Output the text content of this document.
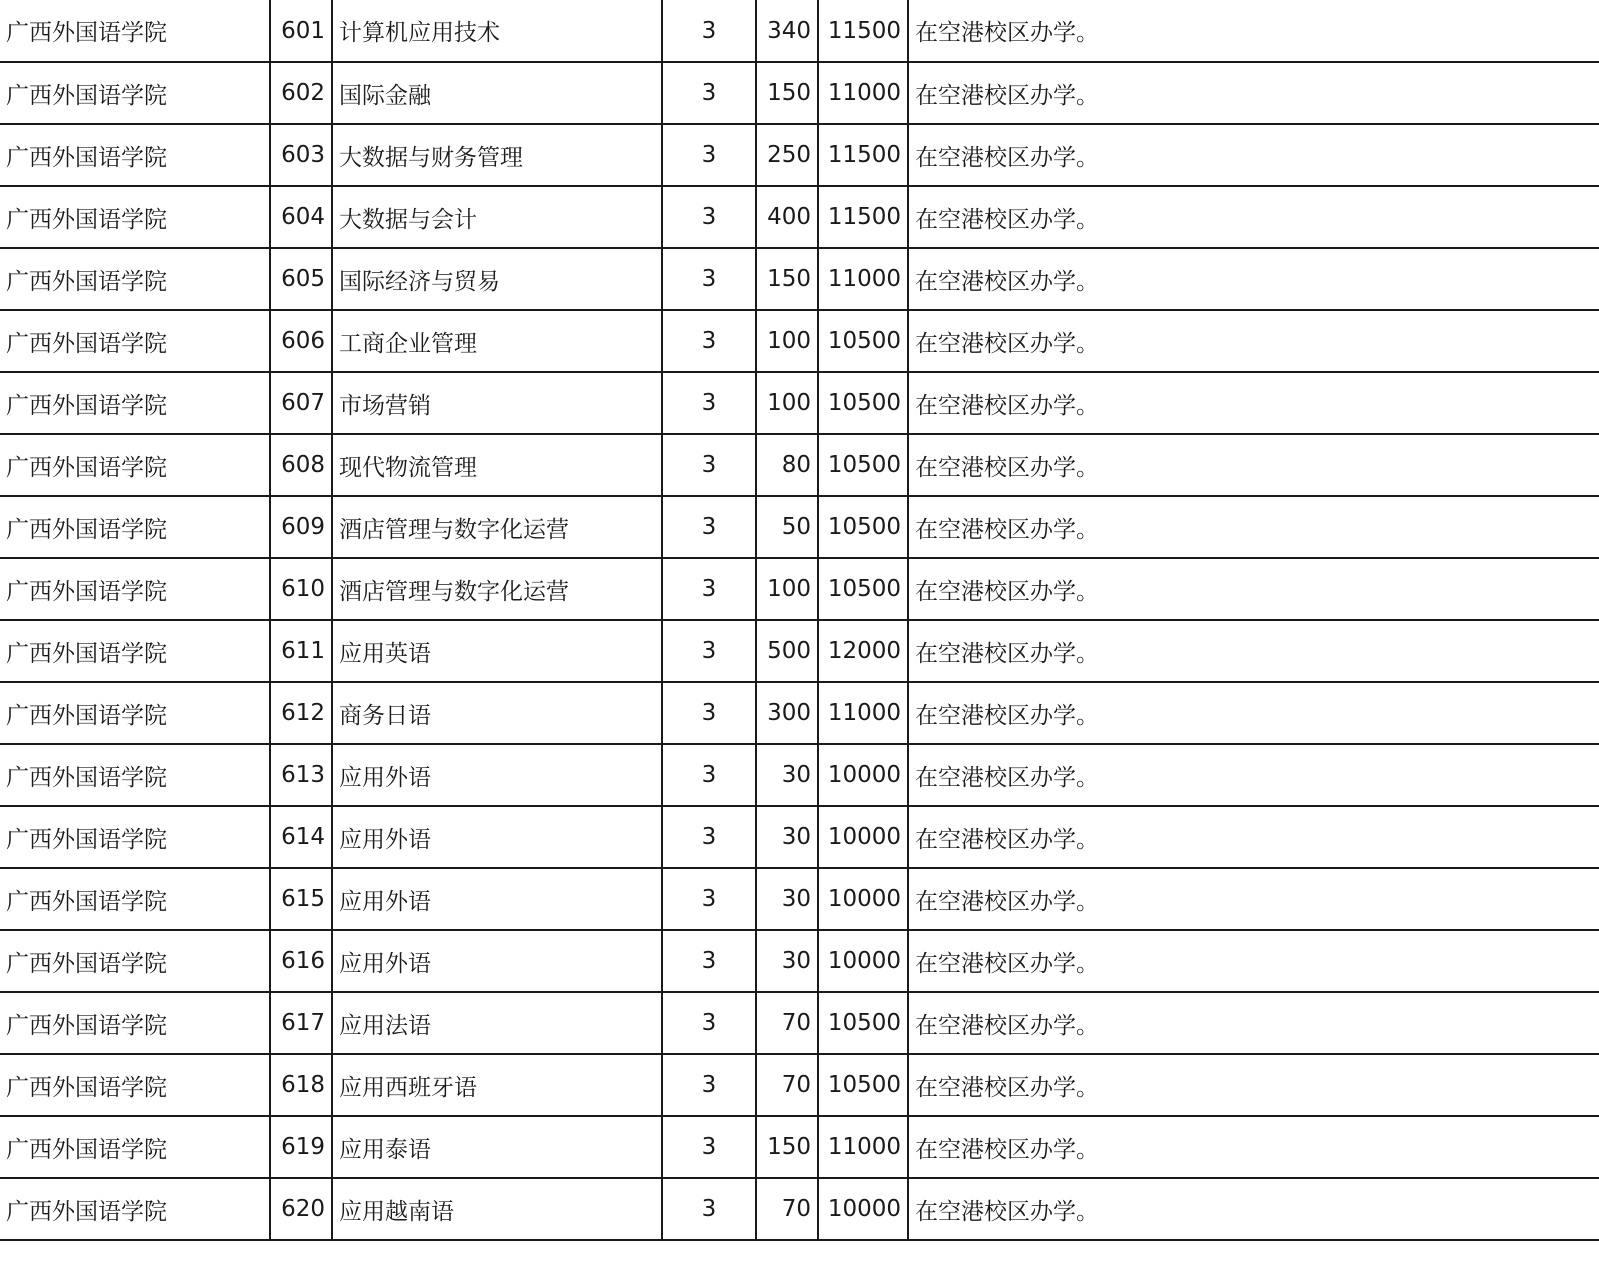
广西外国语学院	601	计算机应用技术	3	340	11500	在空港校区办学。
广西外国语学院	602	国际金融	3	150	11000	在空港校区办学。
广西外国语学院	603	大数据与财务管理	3	250	11500	在空港校区办学。
广西外国语学院	604	大数据与会计	3	400	11500	在空港校区办学。
广西外国语学院	605	国际经济与贸易	3	150	11000	在空港校区办学。
广西外国语学院	606	工商企业管理	3	100	10500	在空港校区办学。
广西外国语学院	607	市场营销	3	100	10500	在空港校区办学。
广西外国语学院	608	现代物流管理	3	80	10500	在空港校区办学。
广西外国语学院	609	酒店管理与数字化运营	3	50	10500	在空港校区办学。
广西外国语学院	610	酒店管理与数字化运营	3	100	10500	在空港校区办学。
广西外国语学院	611	应用英语	3	500	12000	在空港校区办学。
广西外国语学院	612	商务日语	3	300	11000	在空港校区办学。
广西外国语学院	613	应用外语	3	30	10000	在空港校区办学。
广西外国语学院	614	应用外语	3	30	10000	在空港校区办学。
广西外国语学院	615	应用外语	3	30	10000	在空港校区办学。
广西外国语学院	616	应用外语	3	30	10000	在空港校区办学。
广西外国语学院	617	应用法语	3	70	10500	在空港校区办学。
广西外国语学院	618	应用西班牙语	3	70	10500	在空港校区办学。
广西外国语学院	619	应用泰语	3	150	11000	在空港校区办学。
广西外国语学院	620	应用越南语	3	70	10000	在空港校区办学。
